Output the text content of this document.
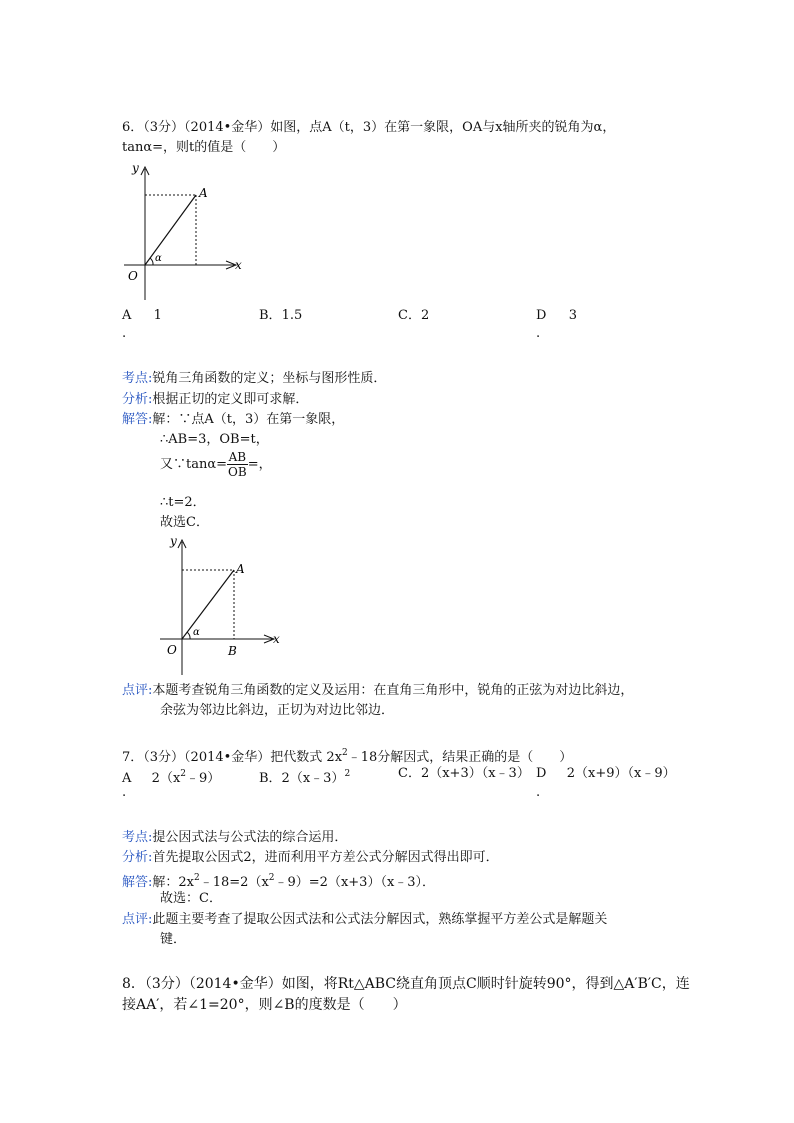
6．（3分）（2014•金华）如图，点A（t，3）在第一象限，OA与x轴所夹的锐角为α，
tanα=，则t的值是（　　）
y
x
O
A
α
A 1
.
B．1.5	C．2	D 3
.
考点:锐角三角函数的定义；坐标与图形性质．
分析:根据正切的定义即可求解．
解答:解：∵点A（t，3）在第一象限，
∴AB=3，OB=t，
又∵tanα= $\frac{AB}{OB}$ =，
∴t=2．
故选C．
y
x
O
A
α
B
点评:本题考查锐角三角函数的定义及运用：在直角三角形中，锐角的正弦为对边比斜边，
余弦为邻边比斜边，正切为对边比邻边．
7．（3分）（2014•金华）把代数式 $2x^2﹣18$分解因式，结果正确的是（　　）
A $2(x^2﹣9)$
.
B．2（x﹣3）$^2$	C．2（x+3）（x﹣3） D 2（x+9）（x﹣9）
.
考点:提公因式法与公式法的综合运用．
分析:首先提取公因式2，进而利用平方差公式分解因式得出即可．
解答:解：$2x^2﹣18=2(x^2﹣9)=2(x+3)(x﹣3)$．
故选：C．
点评:此题主要考查了提取公因式法和公式法分解因式，熟练掌握平方差公式是解题关
键．
8．（3分）（2014•金华）如图，将Rt△ABC绕直角顶点C顺时针旋转90°，得到△A′B′C，连
接AA′，若∠1=20°，则∠B的度数是（　　）
